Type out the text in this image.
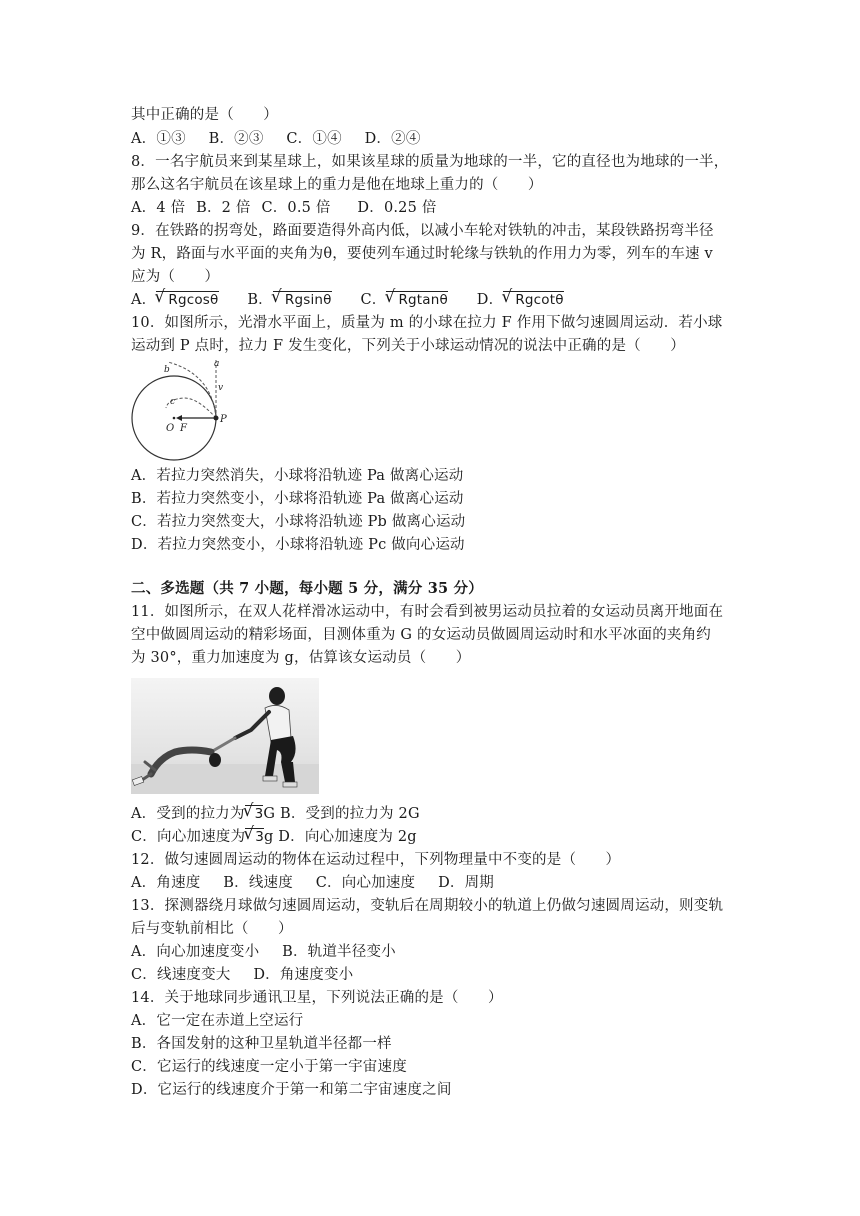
其中正确的是（　　）
A．①③ B．②③ C．①④ D．②④
8．一名宇航员来到某星球上，如果该星球的质量为地球的一半，它的直径也为地球的一半，
那么这名宇航员在该星球上的重力是他在地球上重力的（　　）
A．4 倍 B．2 倍 C．0.5 倍 D．0.25 倍
9．在铁路的拐弯处，路面要造得外高内低，以减小车轮对铁轨的冲击，某段铁路拐弯半径
为 R，路面与水平面的夹角为θ，要使列车通过时轮缘与铁轨的作用力为零，列车的车速 v
应为（　　）
A． √ Rgcosθ B． √ Rgsinθ C． √ Rgtanθ D． √ Rgcotθ
10．如图所示，光滑水平面上，质量为 m 的小球在拉力 F 作用下做匀速圆周运动．若小球
运动到 P 点时，拉力 F 发生变化，下列关于小球运动情况的说法中正确的是（　　）
a
b
v
c
O F
P
A．若拉力突然消失，小球将沿轨迹 Pa 做离心运动
B．若拉力突然变小，小球将沿轨迹 Pa 做离心运动
C．若拉力突然变大，小球将沿轨迹 Pb 做离心运动
D．若拉力突然变小，小球将沿轨迹 Pc 做向心运动
二、多选题（共 7 小题，每小题 5 分，满分 35 分）
11．如图所示，在双人花样滑冰运动中，有时会看到被男运动员拉着的女运动员离开地面在
空中做圆周运动的精彩场面，目测体重为 G 的女运动员做圆周运动时和水平冰面的夹角约
为 30°，重力加速度为 g，估算该女运动员（　　）
A．受到的拉力为 √ 3G B．受到的拉力为 2G
C．向心加速度为 √ 3g D．向心加速度为 2g
12．做匀速圆周运动的物体在运动过程中，下列物理量中不变的是（　　）
A．角速度 B．线速度 C．向心加速度 D．周期
13．探测器绕月球做匀速圆周运动，变轨后在周期较小的轨道上仍做匀速圆周运动，则变轨
后与变轨前相比（　　）
A．向心加速度变小 B．轨道半径变小
C．线速度变大 D．角速度变小
14．关于地球同步通讯卫星，下列说法正确的是（　　）
A．它一定在赤道上空运行
B．各国发射的这种卫星轨道半径都一样
C．它运行的线速度一定小于第一宇宙速度
D．它运行的线速度介于第一和第二宇宙速度之间
